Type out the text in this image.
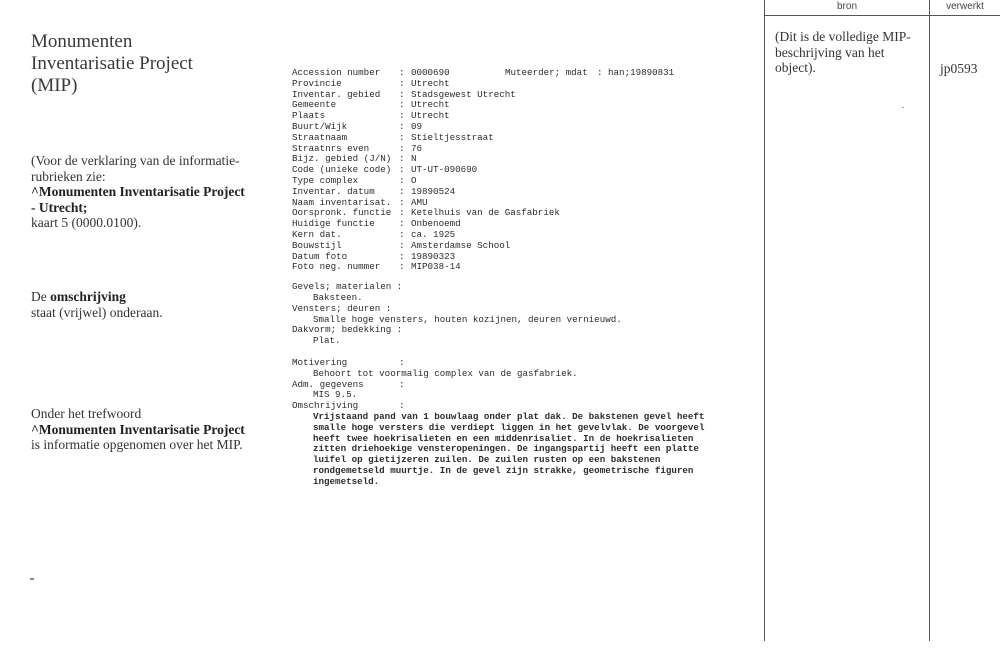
Monumenten Inventarisatie Project (MIP)
(Voor de verklaring van de informatie-rubrieken zie:
^Monumenten Inventarisatie Project - Utrecht;
kaart 5 (0000.0100).
De omschrijving
staat (vrijwel) onderaan.
Onder het trefwoord
^Monumenten Inventarisatie Project is informatie opgenomen over het MIP.
Accession number : 0000690	Muteerder; mdat : han;19890831
Provincie	: Utrecht
Inventar. gebied : Stadsgewest Utrecht
Gemeente	: Utrecht
Plaats	: Utrecht
Buurt/Wijk	: 09
Straatnaam	: Stieltjesstraat
Straatnrs even	: 76
Bijz. gebied (J/N) : N
Code (unieke code) : UT-UT-090690
Type complex	: O
Inventar. datum	: 19890524
Naam inventarisat. : AMU
Oorspronk. functie : Ketelhuis van de Gasfabriek
Huidige functie	: Onbenoemd
Kern dat.	: ca. 1925
Bouwstijl	: Amsterdamse School
Datum foto	: 19890323
Foto neg. nummer : MIP038-14
Gevels; materialen :
Baksteen.
Vensters; deuren :
Smalle hoge vensters, houten kozijnen, deuren vernieuwd.
Dakvorm; bedekking :
Plat.
Motivering	:
Behoort tot voormalig complex van de gasfabriek.
Adm. gegevens	:
MIS 9.5.
Omschrijving	:
Vrijstaand pand van 1 bouwlaag onder plat dak. De bakstenen gevel heeft
smalle hoge versters die verdiept liggen in het gevelvlak. De voorgevel
heeft twee hoekrisalieten en een middenrisaliet. In de hoekrisalieten
zitten driehoekige vensteropeningen. De ingangspartij heeft een platte
luifel op gietijzeren zuilen. De zuilen rusten op een bakstenen
rondgemetseld muurtje. In de gevel zijn strakke, geometrische figuren
ingemetseld.
bron	verwerkt
(Dit is de volledige MIP-beschrijving van het object).	jp0593
